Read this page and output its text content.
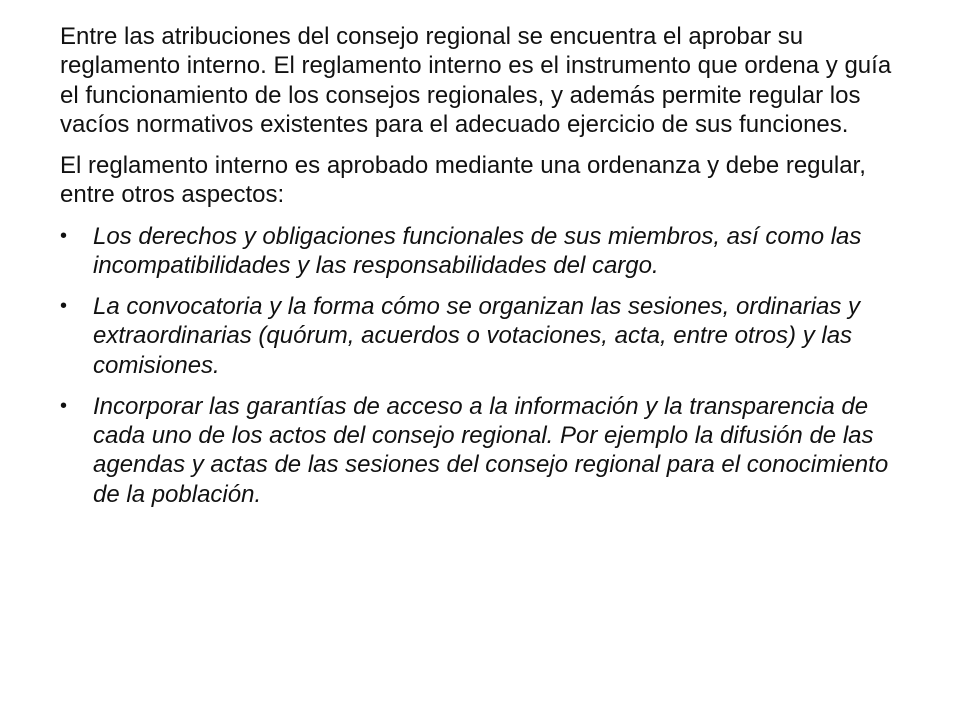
Entre las atribuciones del consejo regional se encuentra el aprobar su reglamento interno. El reglamento interno es el instrumento que ordena y guía el funcionamiento de los consejos regionales, y además permite regular los vacíos normativos existentes para el adecuado ejercicio de sus funciones.

El reglamento interno es aprobado mediante una ordenanza y debe regular, entre otros aspectos:

• Los derechos y obligaciones funcionales de sus miembros, así como las incompatibilidades y las responsabilidades del cargo.
• La convocatoria y la forma cómo se organizan las sesiones, ordinarias y extraordinarias (quórum, acuerdos o votaciones, acta, entre otros) y las comisiones.
• Incorporar las garantías de acceso a la información y la transparencia de cada uno de los actos del consejo regional. Por ejemplo la difusión de las agendas y actas de las sesiones del consejo regional para el conocimiento de la población.
